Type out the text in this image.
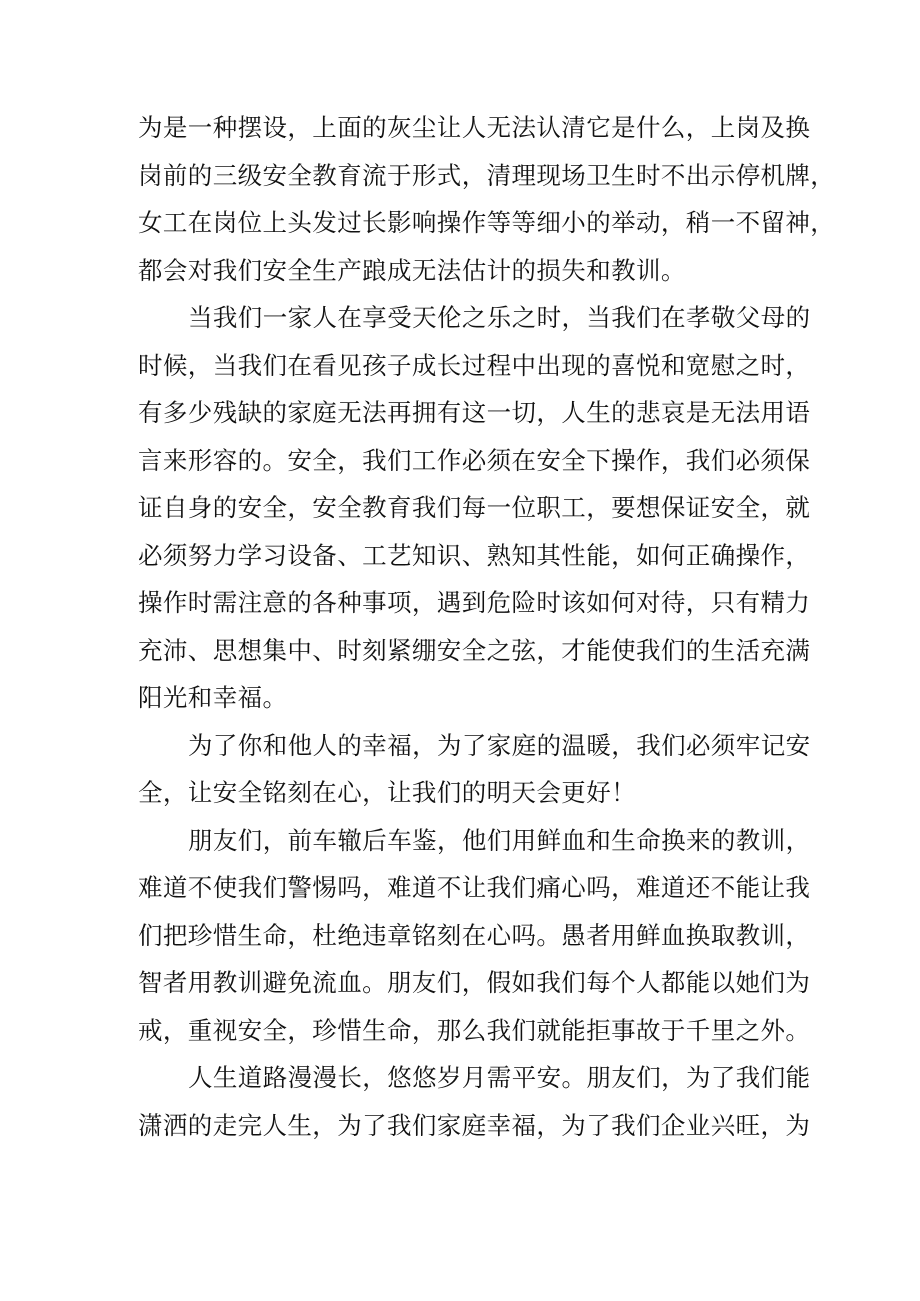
为是一种摆设，上面的灰尘让人无法认清它是什么，上岗及换
岗前的三级安全教育流于形式，清理现场卫生时不出示停机牌，
女工在岗位上头发过长影响操作等等细小的举动，稍一不留神，
都会对我们安全生产踉成无法估计的损失和教训。
当我们一家人在享受天伦之乐之时，当我们在孝敬父母的
时候，当我们在看见孩子成长过程中出现的喜悦和宽慰之时，
有多少残缺的家庭无法再拥有这一切，人生的悲哀是无法用语
言来形容的。安全，我们工作必须在安全下操作，我们必须保
证自身的安全，安全教育我们每一位职工，要想保证安全，就
必须努力学习设备、工艺知识、熟知其性能，如何正确操作，
操作时需注意的各种事项，遇到危险时该如何对待，只有精力
充沛、思想集中、时刻紧绷安全之弦，才能使我们的生活充满
阳光和幸福。
为了你和他人的幸福，为了家庭的温暖，我们必须牢记安
全，让安全铭刻在心，让我们的明天会更好！
朋友们，前车辙后车鉴，他们用鲜血和生命换来的教训，
难道不使我们警惕吗，难道不让我们痛心吗，难道还不能让我
们把珍惜生命，杜绝违章铭刻在心吗。愚者用鲜血换取教训，
智者用教训避免流血。朋友们，假如我们每个人都能以她们为
戒，重视安全，珍惜生命，那么我们就能拒事故于千里之外。
人生道路漫漫长，悠悠岁月需平安。朋友们，为了我们能
潇洒的走完人生，为了我们家庭幸福，为了我们企业兴旺，为
